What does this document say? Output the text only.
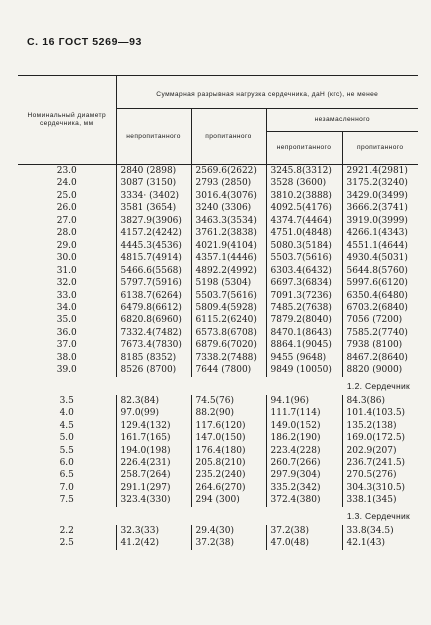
С. 16 ГОСТ 5269—93
Номинальный диаметр сердечника, мм	Суммарная разрывная нагрузка сердечника, даН (кгс), не менее			
	непропитанного	пропитанного	незамасленного	
			непропитанного	пропитанного
23.0	2840 (2898)	2569.6(2622)	3245.8(3312)	2921.4(2981)
24.0	3087 (3150)	2793 (2850)	3528 (3600)	3175.2(3240)
25.0	3334· (3402)	3016.4(3076)	3810.2(3888)	3429.0(3499)
26.0	3581 (3654)	3240 (3306)	4092.5(4176)	3666.2(3741)
27.0	3827.9(3906)	3463.3(3534)	4374.7(4464)	3919.0(3999)
28.0	4157.2(4242)	3761.2(3838)	4751.0(4848)	4266.1(4343)
29.0	4445.3(4536)	4021.9(4104)	5080.3(5184)	4551.1(4644)
30.0	4815.7(4914)	4357.1(4446)	5503.7(5616)	4930.4(5031)
31.0	5466.6(5568)	4892.2(4992)	6303.4(6432)	5644.8(5760)
32.0	5797.7(5916)	5198 (5304)	6697.3(6834)	5997.6(6120)
33.0	6138.7(6264)	5503.7(5616)	7091.3(7236)	6350.4(6480)
34.0	6479.8(6612)	5809.4(5928)	7485.2(7638)	6703.2(6840)
35.0	6820.8(6960)	6115.2(6240)	7879.2(8040)	7056 (7200)
36.0	7332.4(7482)	6573.8(6708)	8470.1(8643)	7585.2(7740)
37.0	7673.4(7830)	6879.6(7020)	8864.1(9045)	7938 (8100)
38.0	8185 (8352)	7338.2(7488)	9455 (9648)	8467.2(8640)
39.0	8526 (8700)	7644 (7800)	9849 (10050)	8820 (9000)
1.2. Сердечник				
3.5	82.3(84)	74.5(76)	94.1(96)	84.3(86)
4.0	97.0(99)	88.2(90)	111.7(114)	101.4(103.5)
4.5	129.4(132)	117.6(120)	149.0(152)	135.2(138)
5.0	161.7(165)	147.0(150)	186.2(190)	169.0(172.5)
5.5	194.0(198)	176.4(180)	223.4(228)	202.9(207)
6.0	226.4(231)	205.8(210)	260.7(266)	236.7(241.5)
6.5	258.7(264)	235.2(240)	297.9(304)	270.5(276)
7.0	291.1(297)	264.6(270)	335.2(342)	304.3(310.5)
7.5	323.4(330)	294 (300)	372.4(380)	338.1(345)
1.3. Сердечник				
2.2	32.3(33)	29.4(30)	37.2(38)	33.8(34.5)
2.5	41.2(42)	37.2(38)	47.0(48)	42.1(43)
